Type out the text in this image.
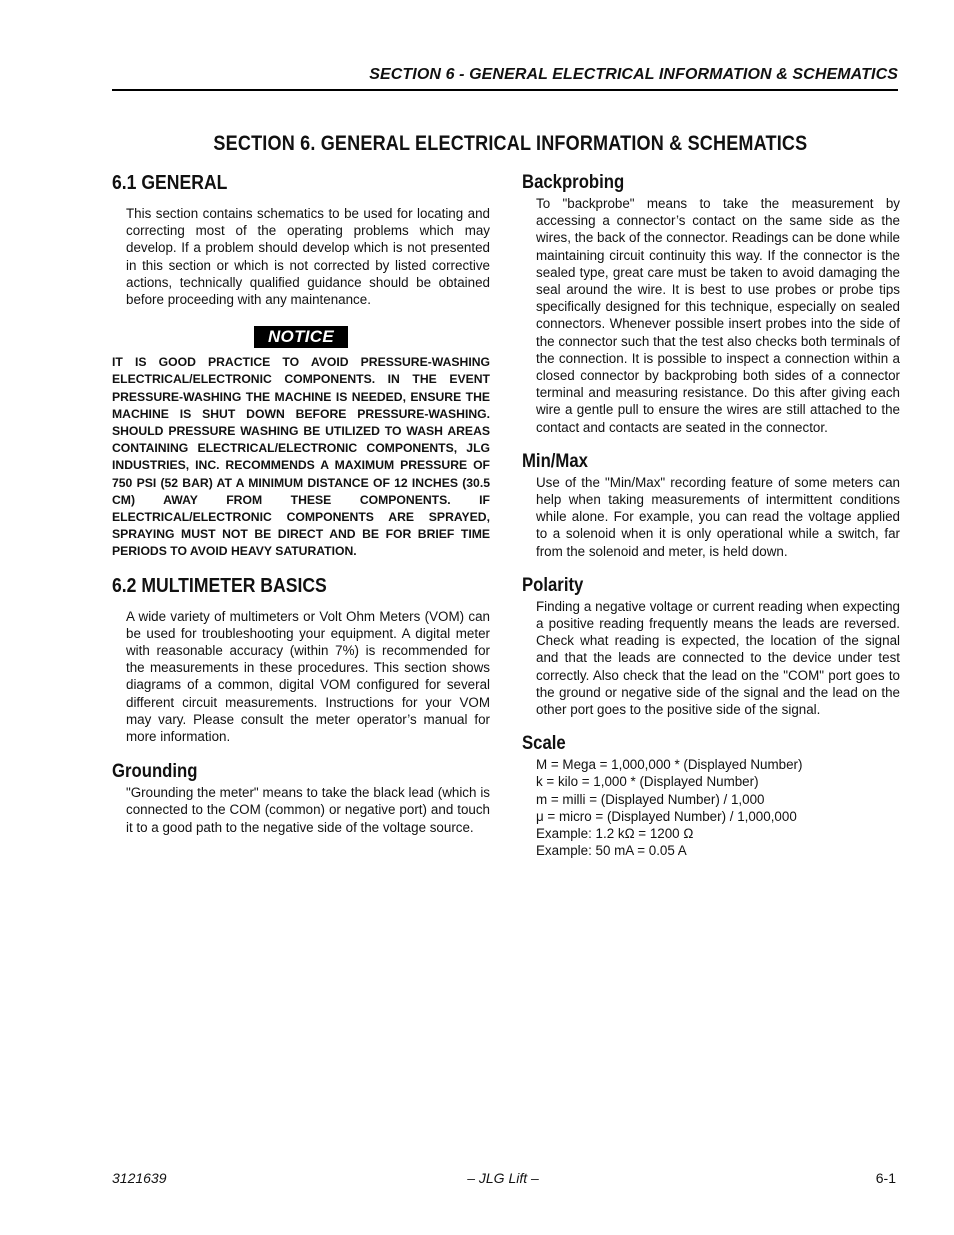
SECTION 6 - GENERAL ELECTRICAL INFORMATION & SCHEMATICS
SECTION 6. GENERAL ELECTRICAL INFORMATION & SCHEMATICS
6.1 GENERAL

This section contains schematics to be used for locating and correcting most of the operating problems which may develop. If a problem should develop which is not presented in this section or which is not corrected by listed corrective actions, technically qualified guidance should be obtained before proceeding with any maintenance.

NOTICE

IT IS GOOD PRACTICE TO AVOID PRESSURE-WASHING ELECTRICAL/ELECTRONIC COMPONENTS. IN THE EVENT PRESSURE-WASHING THE MACHINE IS NEEDED, ENSURE THE MACHINE IS SHUT DOWN BEFORE PRESSURE-WASHING. SHOULD PRESSURE WASHING BE UTILIZED TO WASH AREAS CONTAINING ELECTRICAL/ELECTRONIC COMPONENTS, JLG INDUSTRIES, INC. RECOMMENDS A MAXIMUM PRESSURE OF 750 PSI (52 BAR) AT A MINIMUM DISTANCE OF 12 INCHES (30.5 CM) AWAY FROM THESE COMPONENTS. IF ELECTRICAL/ELECTRONIC COMPONENTS ARE SPRAYED, SPRAYING MUST NOT BE DIRECT AND BE FOR BRIEF TIME PERIODS TO AVOID HEAVY SATURATION.

6.2 MULTIMETER BASICS

A wide variety of multimeters or Volt Ohm Meters (VOM) can be used for troubleshooting your equipment. A digital meter with reasonable accuracy (within 7%) is recommended for the measurements in these procedures. This section shows diagrams of a common, digital VOM configured for several different circuit measurements. Instructions for your VOM may vary. Please consult the meter operator’s manual for more information.

Grounding

"Grounding the meter" means to take the black lead (which is connected to the COM (common) or negative port) and touch it to a good path to the negative side of the voltage source.

Backprobing

To "backprobe" means to take the measurement by accessing a connector’s contact on the same side as the wires, the back of the connector. Readings can be done while maintaining circuit continuity this way. If the connector is the sealed type, great care must be taken to avoid damaging the seal around the wire. It is best to use probes or probe tips specifically designed for this technique, especially on sealed connectors. Whenever possible insert probes into the side of the connector such that the test also checks both terminals of the connection. It is possible to inspect a connection within a closed connector by backprobing both sides of a connector terminal and measuring resistance. Do this after giving each wire a gentle pull to ensure the wires are still attached to the contact and contacts are seated in the connector.

Min/Max

Use of the "Min/Max" recording feature of some meters can help when taking measurements of intermittent conditions while alone. For example, you can read the voltage applied to a solenoid when it is only operational while a switch, far from the solenoid and meter, is held down.

Polarity

Finding a negative voltage or current reading when expecting a positive reading frequently means the leads are reversed. Check what reading is expected, the location of the signal and that the leads are connected to the device under test correctly. Also check that the lead on the "COM" port goes to the ground or negative side of the signal and the lead on the other port goes to the positive side of the signal.

Scale
M = Mega = 1,000,000 * (Displayed Number)
k = kilo = 1,000 * (Displayed Number)
m = milli = (Displayed Number) / 1,000
μ = micro = (Displayed Number) / 1,000,000
Example: 1.2 kΩ = 1200 Ω
Example: 50 mA = 0.05 A
3121639	– JLG Lift –	6-1
